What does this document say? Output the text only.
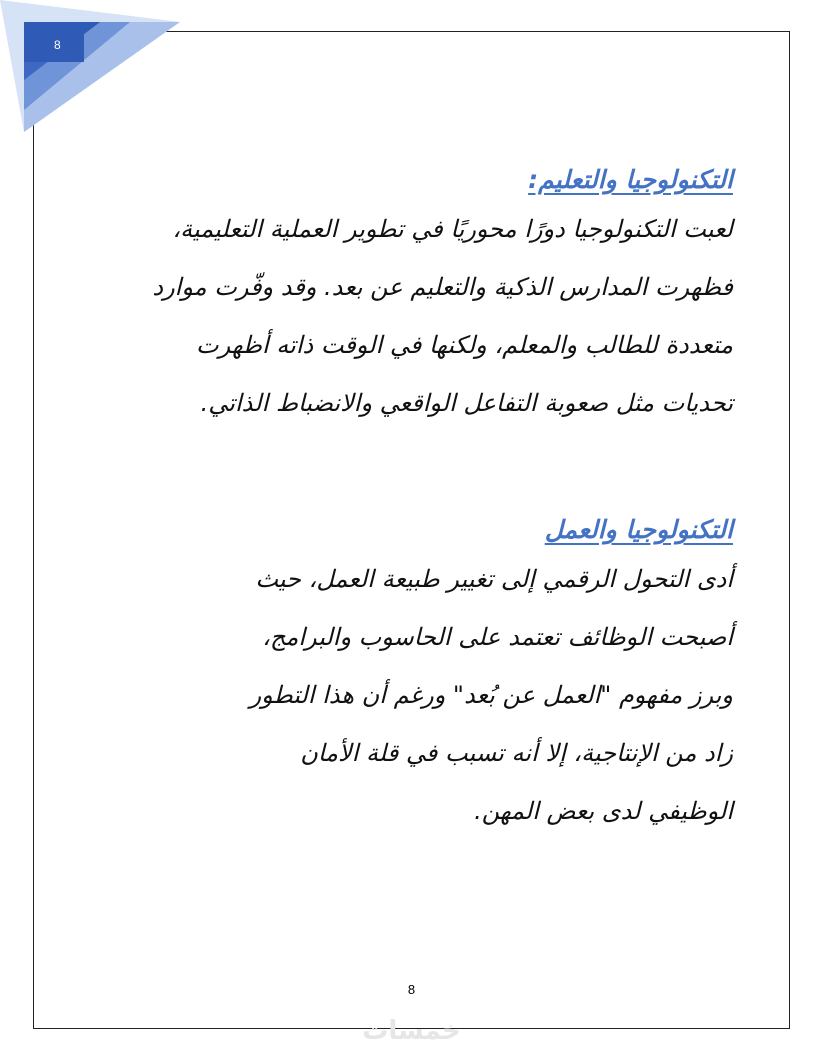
8

التكنولوجيا والتعليم:

لعبت التكنولوجيا دورًا محوريًا في تطوير العملية التعليمية،

فظهرت المدارس الذكية والتعليم عن بعد. وقد وفّرت موارد

متعددة للطالب والمعلم، ولكنها في الوقت ذاته أظهرت

تحديات مثل صعوبة التفاعل الواقعي والانضباط الذاتي.

التكنولوجيا والعمل

أدى التحول الرقمي إلى تغيير طبيعة العمل، حيث

أصبحت الوظائف تعتمد على الحاسوب والبرامج،

وبرز مفهوم "العمل عن بُعد" ورغم أن هذا التطور

زاد من الإنتاجية، إلا أنه تسبب في قلة الأمان

الوظيفي لدى بعض المهن.

8
خمسات
